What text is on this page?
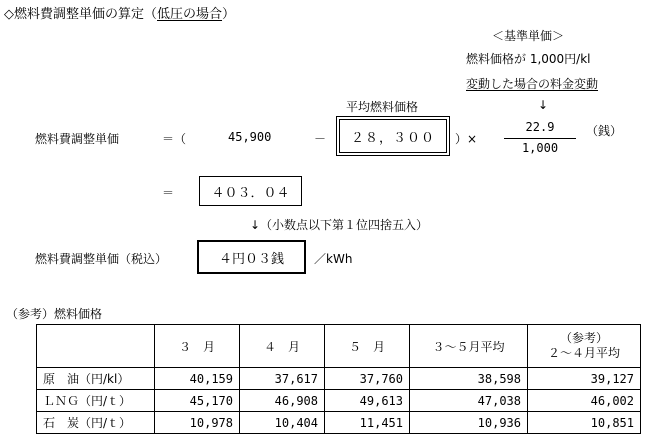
◇燃料費調整単価の算定（低圧の場合）
＜基準単価＞
燃料価格が 1,000円/kl
変動した場合の料金変動
↓
平均燃料価格
燃料費調整単価	＝（	45,900	－ ２８，３００ ）×
22.9
1,000
（銭）
＝	４０３．０４
↓（小数点以下第１位四捨五入）
燃料費調整単価（税込）	４円０３銭	／kWh
（参考）燃料価格
	３　月	４　月	５　月	３～５月平均	（参考）
２～４月平均
原　油（円/kl）	40,159	37,617	37,760	38,598	39,127
ＬＮＧ（円/ｔ）	45,170	46,908	49,613	47,038	46,002
石　炭（円/ｔ）	10,978	10,404	11,451	10,936	10,851
